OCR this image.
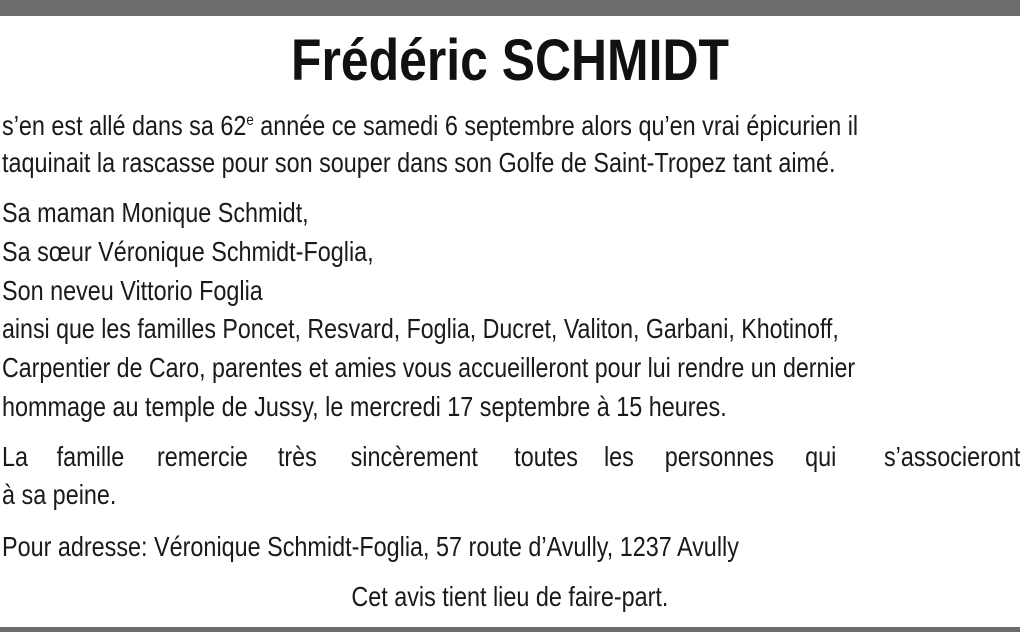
Frédéric SCHMIDT
s’en est allé dans sa 62e année ce samedi 6 septembre alors qu’en vrai épicurien il
taquinait la rascasse pour son souper dans son Golfe de Saint-Tropez tant aimé.
Sa maman Monique Schmidt,
Sa sœur Véronique Schmidt-Foglia,
Son neveu Vittorio Foglia
ainsi que les familles Poncet, Resvard, Foglia, Ducret, Valiton, Garbani, Khotinoff,
Carpentier de Caro, parentes et amies vous accueilleront pour lui rendre un dernier
hommage au temple de Jussy, le mercredi 17 septembre à 15 heures.
La famille remercie très sincèrement toutes les personnes qui s’associeront
à sa peine.
Pour adresse: Véronique Schmidt-Foglia, 57 route d’Avully, 1237 Avully
Cet avis tient lieu de faire-part.
